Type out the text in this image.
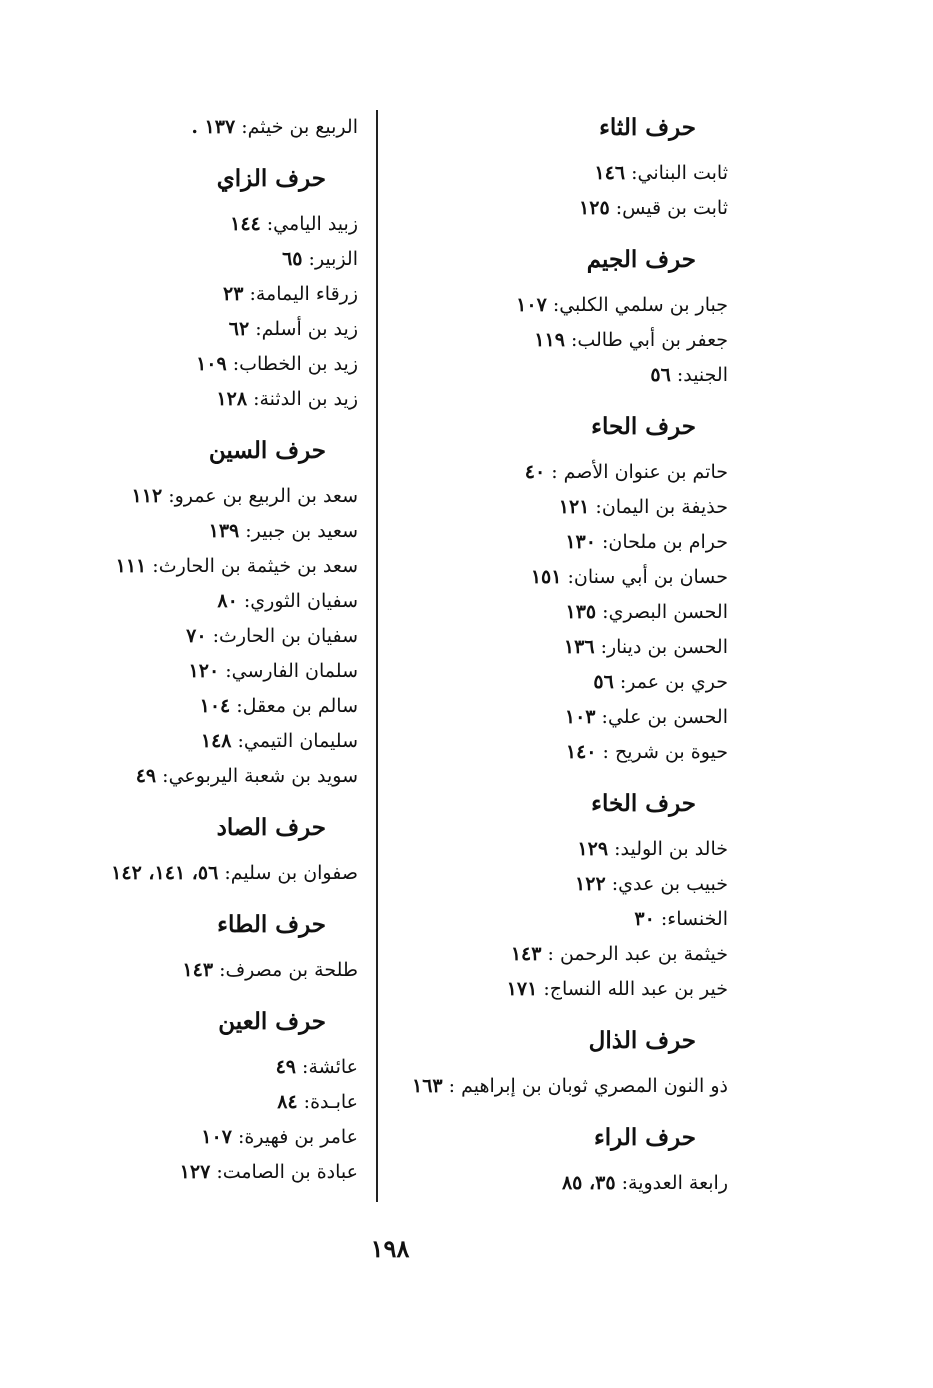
حرف الثاء
ثابت البناني: ١٤٦
ثابت بن قيس: ١٢٥
حرف الجيم
جبار بن سلمي الكلبي: ١٠٧
جعفر بن أبي طالب: ١١٩
الجنيد: ٥٦
حرف الحاء
حاتم بن عنوان الأصم : ٤٠
حذيفة بن اليمان: ١٢١
حرام بن ملحان: ١٣٠
حسان بن أبي سنان: ١٥١
الحسن البصري: ١٣٥
الحسن بن دينار: ١٣٦
حري بن عمر: ٥٦
الحسن بن علي: ١٠٣
حيوة بن شريح : ١٤٠
حرف الخاء
خالد بن الوليد: ١٢٩
خبيب بن عدي: ١٢٢
الخنساء: ٣٠
خيثمة بن عبد الرحمن : ١٤٣
خير بن عبد الله النساج: ١٧١
حرف الذال
ذو النون المصري ثوبان بن إبراهيم : ١٦٣
حرف الراء
رابعة العدوية: ٣٥، ٨٥
الربيع بن خيثم: ١٣٧ .
حرف الزاي
زبيد اليامي: ١٤٤
الزبير: ٦٥
زرقاء اليمامة: ٢٣
زيد بن أسلم: ٦٢
زيد بن الخطاب: ١٠٩
زيد بن الدثنة: ١٢٨
حرف السين
سعد بن الربيع بن عمرو: ١١٢
سعيد بن جبير: ١٣٩
سعد بن خيثمة بن الحارث: ١١١
سفيان الثوري: ٨٠
سفيان بن الحارث: ٧٠
سلمان الفارسي: ١٢٠
سالم بن معقل: ١٠٤
سليمان التيمي: ١٤٨
سويد بن شعبة اليربوعي: ٤٩
حرف الصاد
صفوان بن سليم: ٥٦، ١٤١، ١٤٢
حرف الطاء
طلحة بن مصرف: ١٤٣
حرف العين
عائشة: ٤٩
عابـدة: ٨٤
عامر بن فهيرة: ١٠٧
عبادة بن الصامت: ١٢٧
١٩٨
